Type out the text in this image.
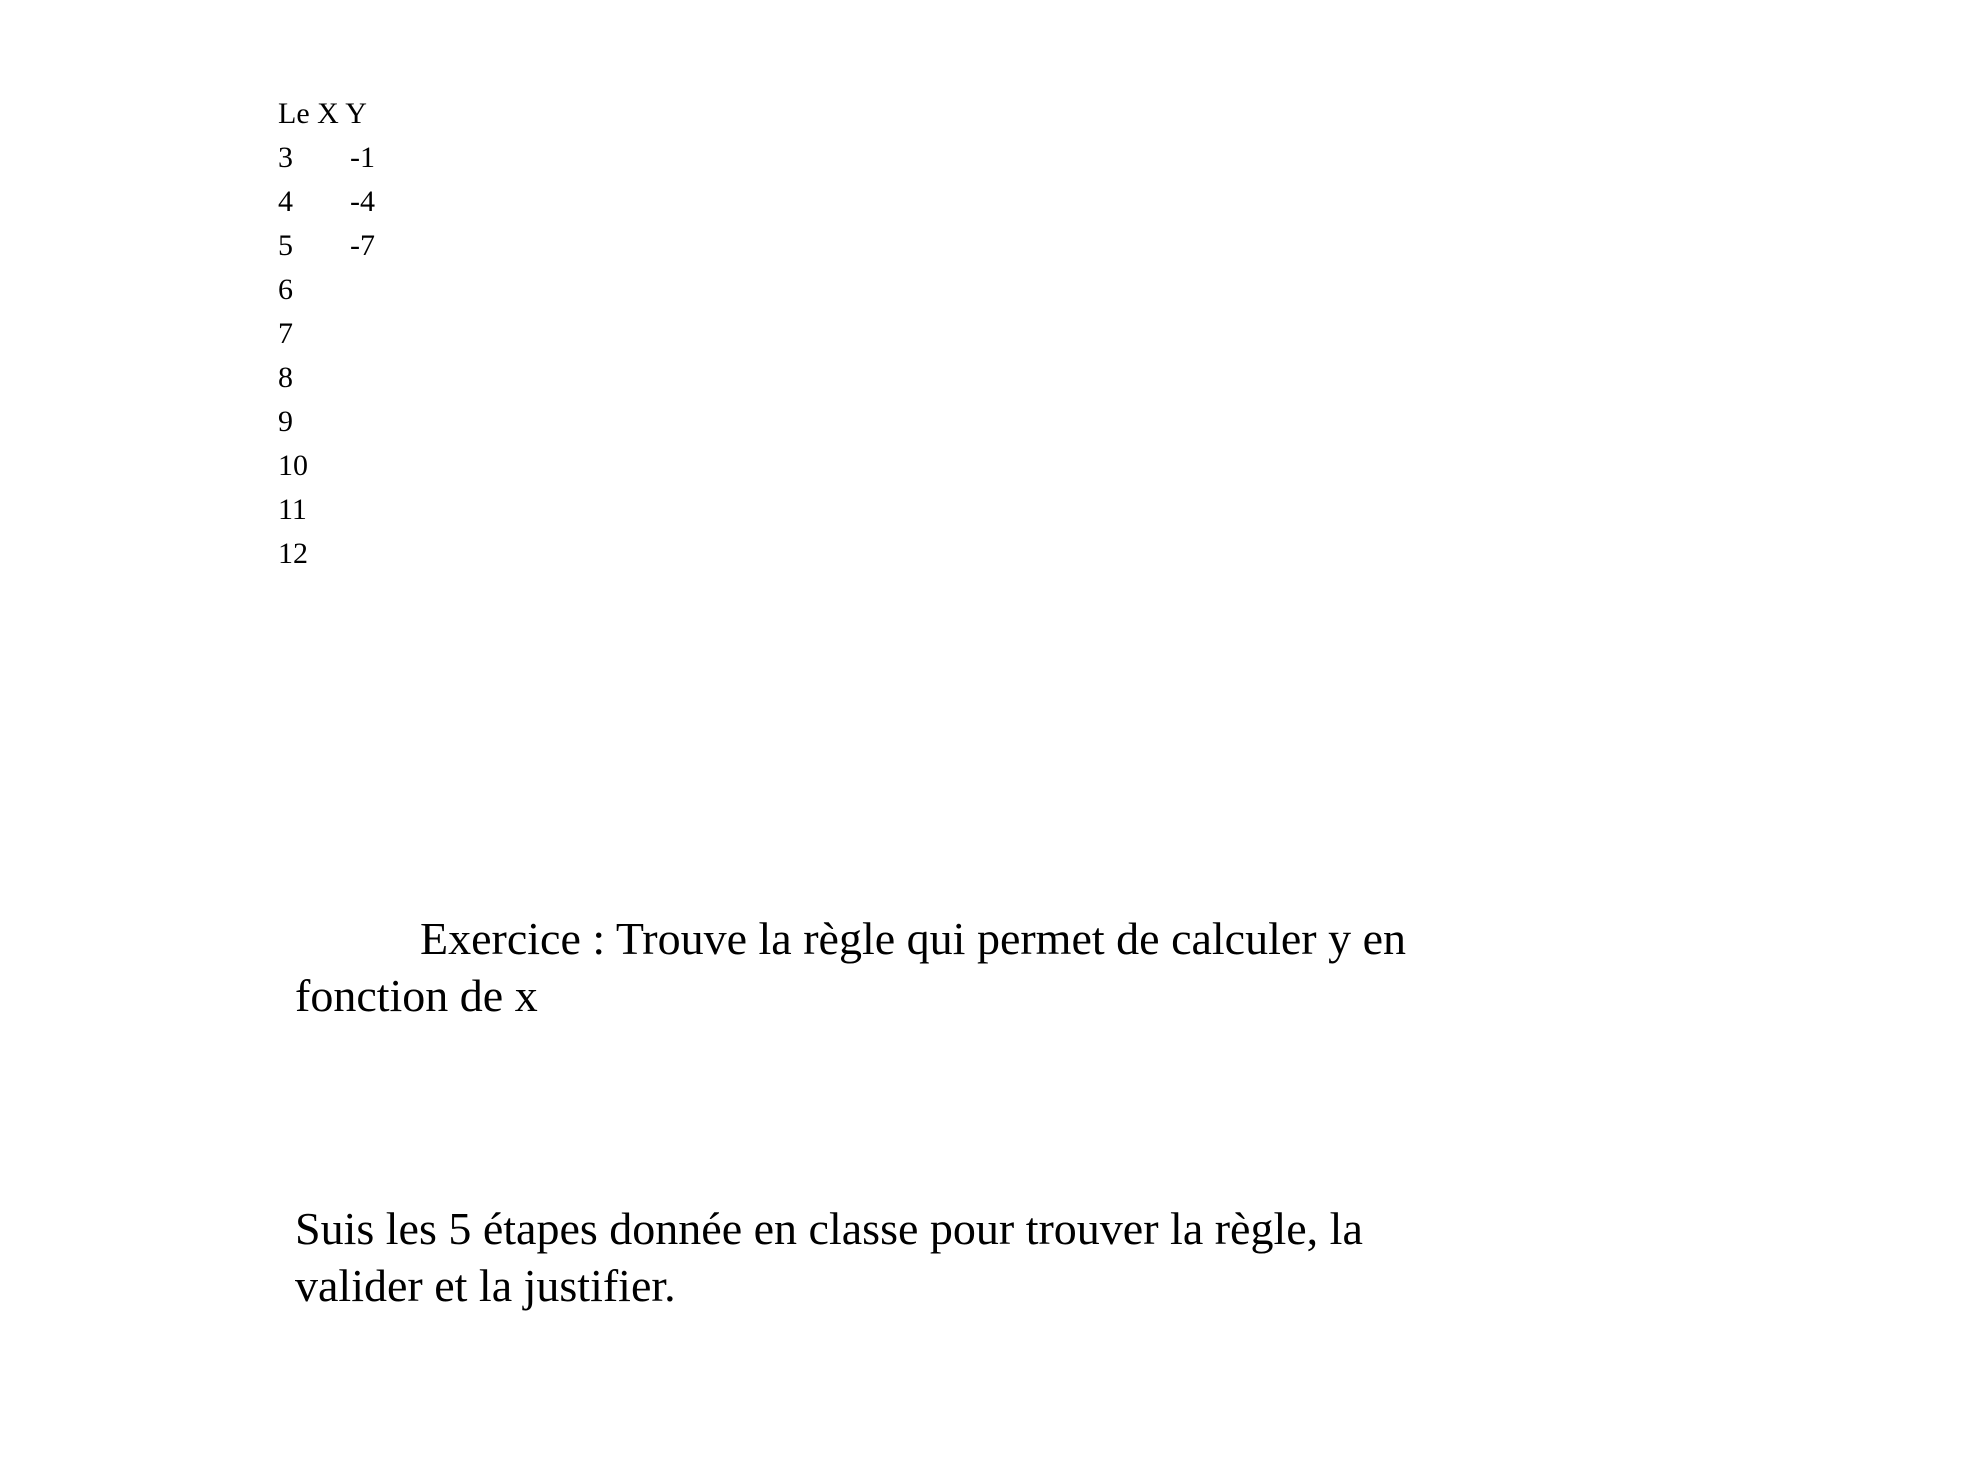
Le X Y
3	-1
4	-4
5	-7
6
7
8
9
10
11
12
Exercice : Trouve la règle qui permet de calculer y en
fonction de x
Suis les 5 étapes donnée en classe pour trouver la règle, la
valider et la justifier.
